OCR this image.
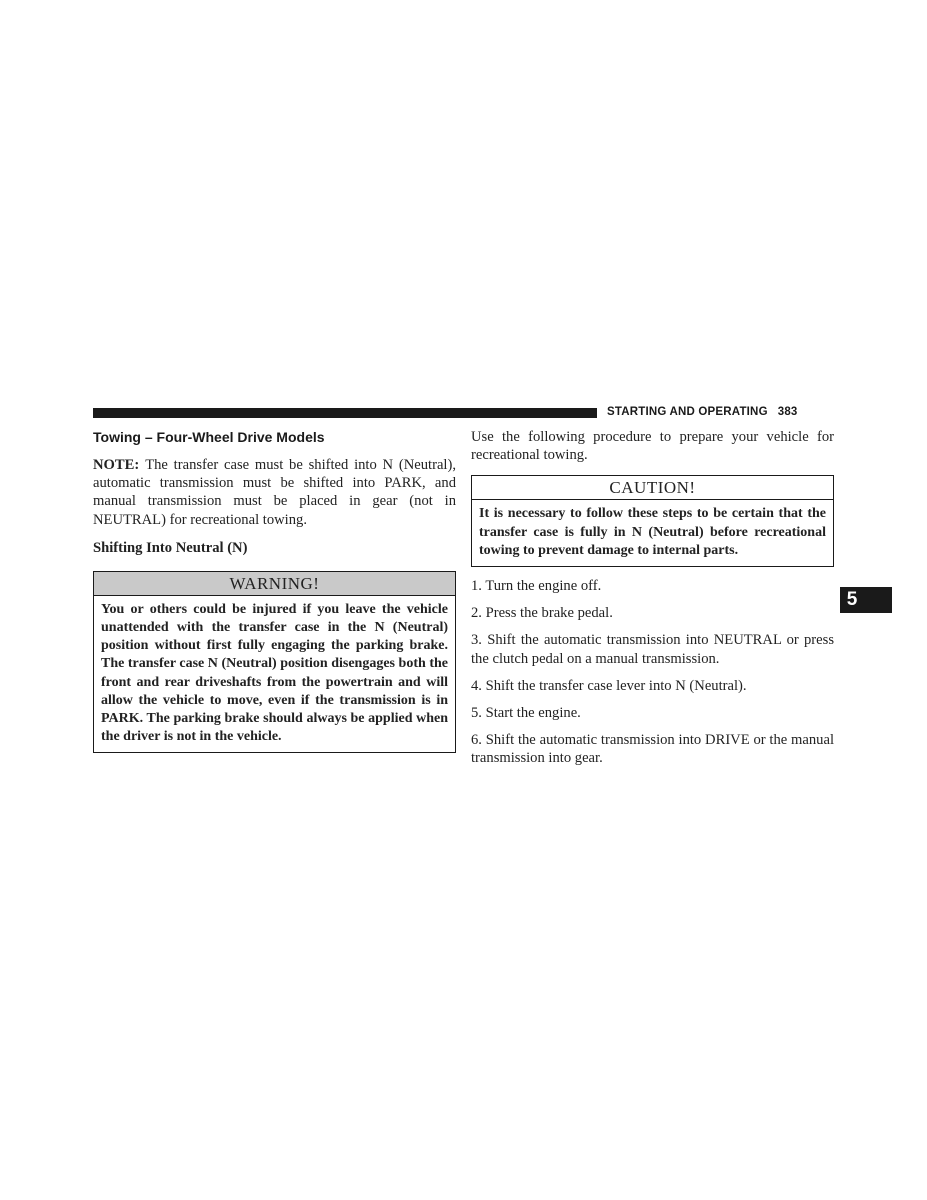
STARTING AND OPERATING 383
5
Towing – Four-Wheel Drive Models

NOTE: The transfer case must be shifted into N (Neutral), automatic transmission must be shifted into PARK, and manual transmission must be placed in gear (not in NEUTRAL) for recreational towing.

Shifting Into Neutral (N)
WARNING!
You or others could be injured if you leave the vehicle unattended with the transfer case in the N (Neutral) position without first fully engaging the parking brake. The transfer case N (Neutral) position disengages both the front and rear driveshafts from the powertrain and will allow the vehicle to move, even if the transmission is in PARK. The parking brake should always be applied when the driver is not in the vehicle.

Use the following procedure to prepare your vehicle for recreational towing.

CAUTION!
It is necessary to follow these steps to be certain that the transfer case is fully in N (Neutral) before recreational towing to prevent damage to internal parts.
1. Turn the engine off.
2. Press the brake pedal.
3. Shift the automatic transmission into NEUTRAL or press the clutch pedal on a manual transmission.
4. Shift the transfer case lever into N (Neutral).
5. Start the engine.
6. Shift the automatic transmission into DRIVE or the manual transmission into gear.
